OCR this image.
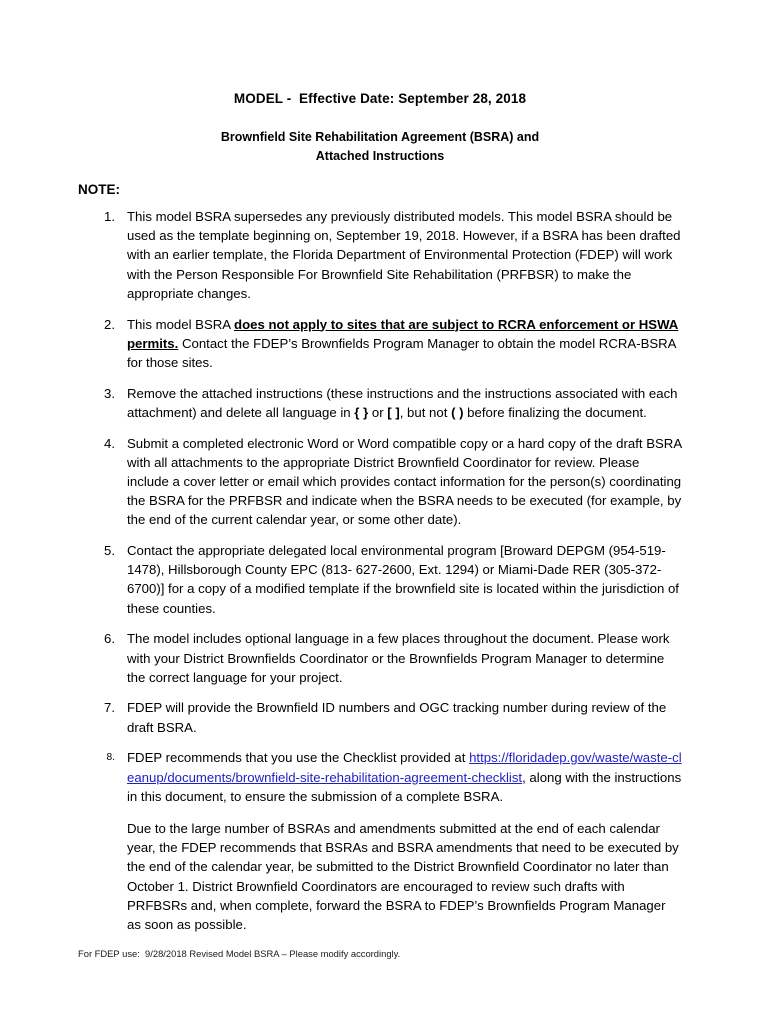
MODEL -  Effective Date: September 28, 2018
Brownfield Site Rehabilitation Agreement (BSRA) and
Attached Instructions
NOTE:
1. This model BSRA supersedes any previously distributed models. This model BSRA should be used as the template beginning on, September 19, 2018. However, if a BSRA has been drafted with an earlier template, the Florida Department of Environmental Protection (FDEP) will work with the Person Responsible For Brownfield Site Rehabilitation (PRFBSR) to make the appropriate changes.

2. This model BSRA does not apply to sites that are subject to RCRA enforcement or HSWA permits. Contact the FDEP’s Brownfields Program Manager to obtain the model RCRA-BSRA for those sites.

3. Remove the attached instructions (these instructions and the instructions associated with each attachment) and delete all language in { } or [ ], but not ( ) before finalizing the document.

4. Submit a completed electronic Word or Word compatible copy or a hard copy of the draft BSRA with all attachments to the appropriate District Brownfield Coordinator for review. Please include a cover letter or email which provides contact information for the person(s) coordinating the BSRA for the PRFBSR and indicate when the BSRA needs to be executed (for example, by the end of the current calendar year, or some other date).

5. Contact the appropriate delegated local environmental program [Broward DEPGM (954-519-1478), Hillsborough County EPC (813- 627-2600, Ext. 1294) or Miami-Dade RER (305-372-6700)] for a copy of a modified template if the brownfield site is located within the jurisdiction of these counties.

6. The model includes optional language in a few places throughout the document. Please work with your District Brownfields Coordinator or the Brownfields Program Manager to determine the correct language for your project.

7. FDEP will provide the Brownfield ID numbers and OGC tracking number during review of the draft BSRA.

8. FDEP recommends that you use the Checklist provided at https://floridadep.gov/waste/waste-cleanup/documents/brownfield-site-rehabilitation-agreement-checklist, along with the instructions in this document, to ensure the submission of a complete BSRA.

Due to the large number of BSRAs and amendments submitted at the end of each calendar year, the FDEP recommends that BSRAs and BSRA amendments that need to be executed by the end of the calendar year, be submitted to the District Brownfield Coordinator no later than October 1. District Brownfield Coordinators are encouraged to review such drafts with PRFBSRs and, when complete, forward the BSRA to FDEP’s Brownfields Program Manager as soon as possible.

For FDEP use:  9/28/2018 Revised Model BSRA – Please modify accordingly.
